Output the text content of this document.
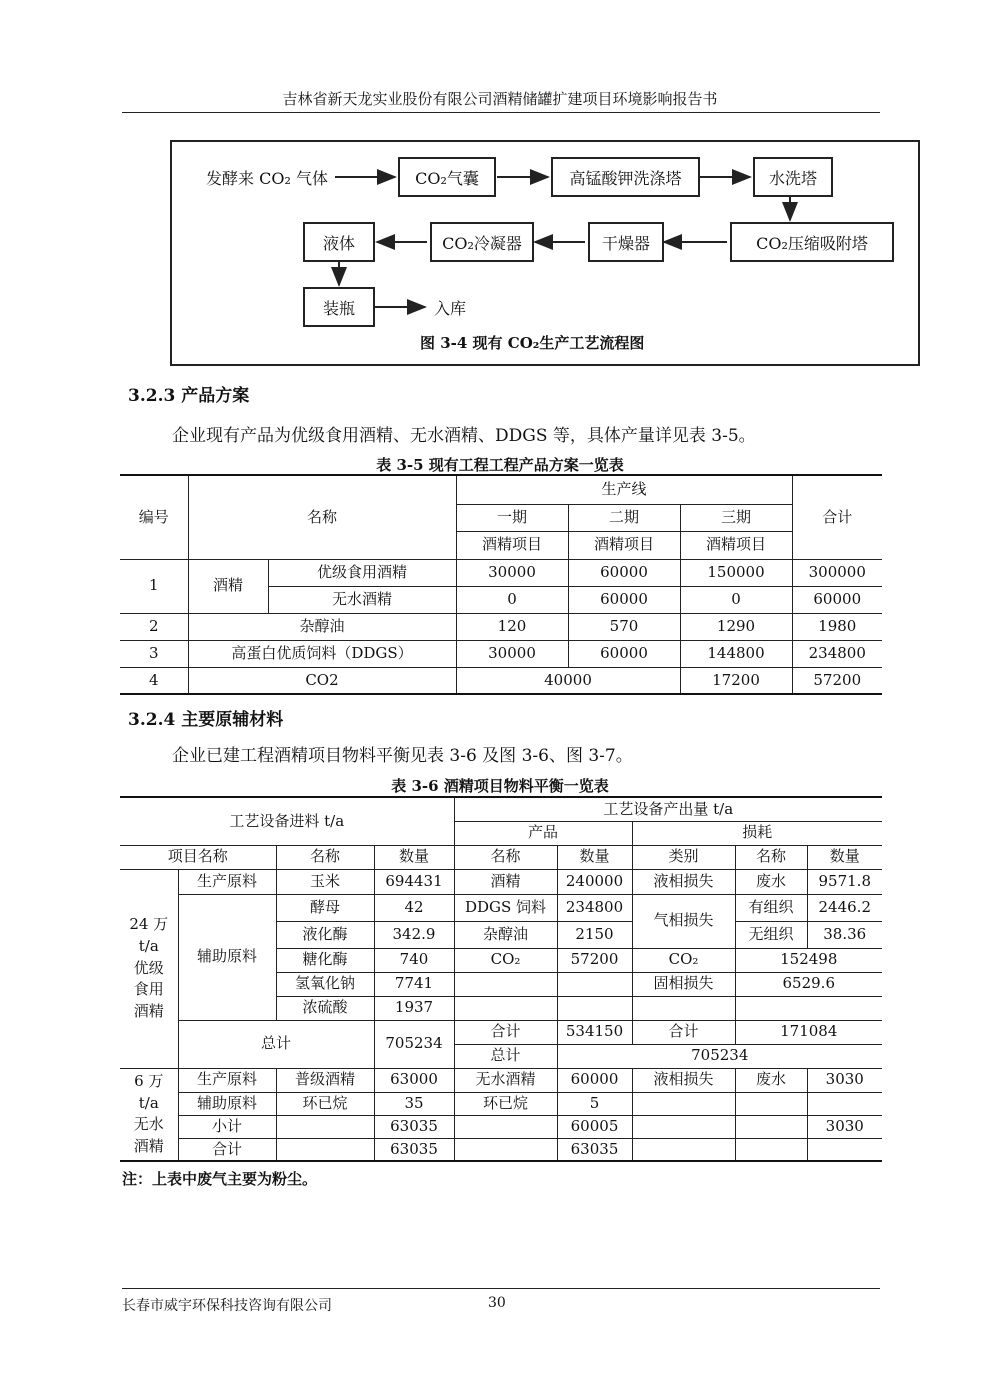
吉林省新天龙实业股份有限公司酒精储罐扩建项目环境影响报告书
发酵来 CO₂ 气体	CO₂气囊	高锰酸钾洗涤塔	水洗塔
CO₂压缩吸附塔
干燥器
CO₂冷凝器
液体
装瓶	入库
图 3-4 现有 CO₂生产工艺流程图
3.2.3 产品方案
企业现有产品为优级食用酒精、无水酒精、DDGS 等，具体产量详见表 3-5。
表 3-5 现有工程工程产品方案一览表
编号	名称		生产线			合计
			一期	二期	三期	
			酒精项目	酒精项目	酒精项目	
1	酒精	优级食用酒精	30000	60000	150000	300000
		无水酒精	0	60000	0	60000
2	杂醇油		120	570	1290	1980
3	高蛋白优质饲料（DDGS）		30000	60000	144800	234800
4	CO2		40000		17200	57200
3.2.4 主要原辅材料
企业已建工程酒精项目物料平衡见表 3-6 及图 3-6、图 3-7。
表 3-6 酒精项目物料平衡一览表
工艺设备进料 t/a				工艺设备产出量 t/a				
				产品		损耗		
项目名称		名称	数量	名称	数量	类别	名称	数量
24 万
t/a
优级
食用
酒精	生产原料	玉米	694431	酒精	240000	液相损失	废水	9571.8
	辅助原料	酵母	42	DDGS 饲料	234800	气相损失	有组织	2446.2
		液化酶	342.9	杂醇油	2150		无组织	38.36
		糖化酶	740	CO₂	57200	CO₂	152498	
		氢氧化钠	7741			固相损失	6529.6	
		浓硫酸	1937					
	总计		705234	合计	534150	合计	171084	
				总计	705234			
6 万
t/a
无水
酒精	生产原料	普级酒精	63000	无水酒精	60000	液相损失	废水	3030
	辅助原料	环已烷	35	环已烷	5			
	小计		63035		60005			3030
	合计		63035		63035			
注：上表中废气主要为粉尘。
长春市威宇环保科技咨询有限公司	30
